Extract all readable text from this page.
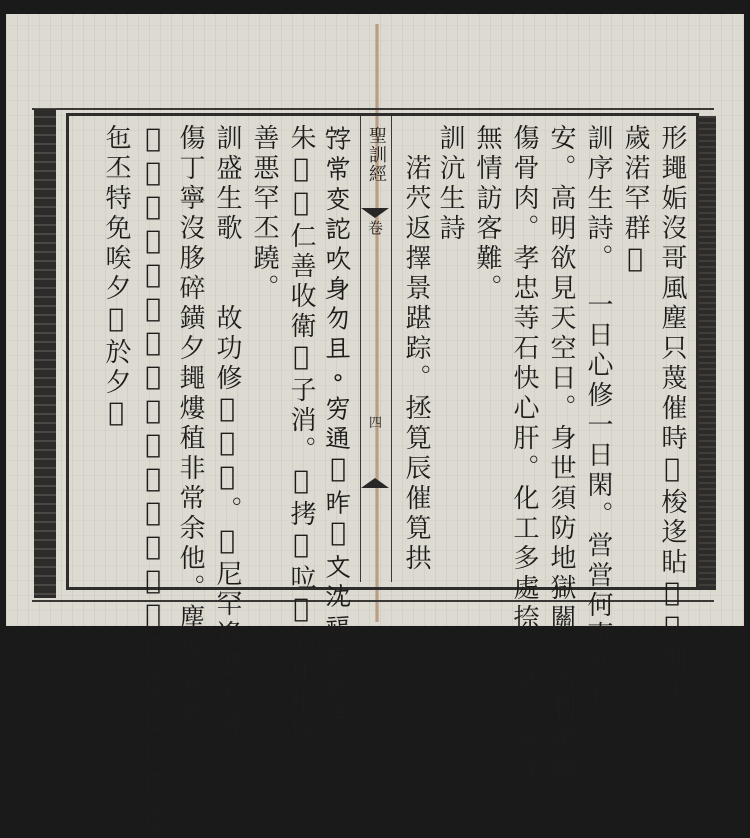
形䵷姤沒哥風塵只蔑催時𦝄梭迻䀡𢀭𢬦别庄
歲渃罕群𨤔
訓序生詩。　一日心修一日閑。営営何事恋長
安。高明欲見天空日。身世須防地獄關。名利鎖韁
傷骨肉。孝忠䓁石快心肝。化工多處捺人意。崖吝
無情訪客難。
訓沆生詩
　渃茓返擇景踸踪。拯筧辰催筧拱
聖訓經
卷
四
𡨸常变詑吹身勿且。穷通𨤮昨𦝄文沈福茹底吏
朱𦓅𠀲仁善收衛𥙩子消。𡢐拷𦁛㕸𥹰沛庄堆塘
善悪罕丕蹺。
訓盛生歌　　故功修𥙩𤤰𤤰。𦬑尼罕迻憑丕譊
傷丁寧沒䏧碎鐄夕䵷熡稙非常余他。塵埃志氣
𤤰茹咹沁給余江河沒台。囯肝𠟍埃𠟍埃尌退爪数
㐌丕特免唉夕𩛂於夕𩛂
